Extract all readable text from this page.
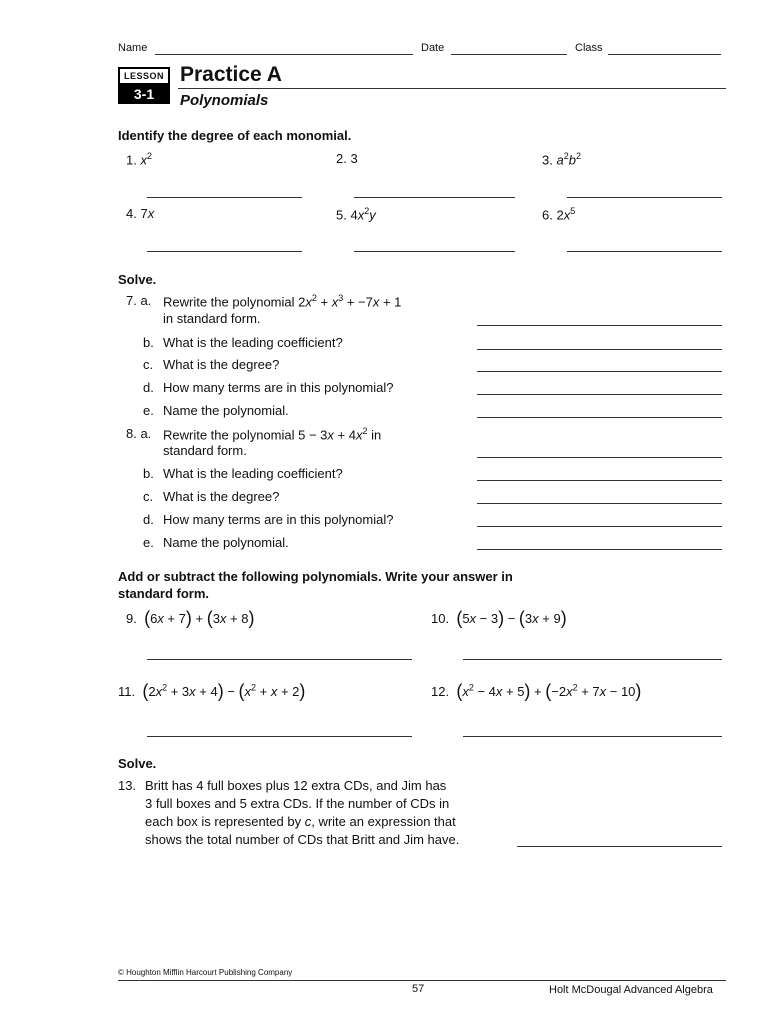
Name	Date	Class
LESSON
3-1
Practice A
Polynomials
Identify the degree of each monomial.
1. $x^2$	2. 3	3. $a^2b^2$
4. 7x	5. $4x^2y$	6. $2x^5$
Solve.
7. a. Rewrite the polynomial $2x^2 + x^3 + -7x + 1$
in standard form.
b. What is the leading coefficient?
c. What is the degree?
d. How many terms are in this polynomial?
e. Name the polynomial.
8. a. Rewrite the polynomial $5 - 3x + 4x^2$ in
standard form.
b. What is the leading coefficient?
c. What is the degree?
d. How many terms are in this polynomial?
e. Name the polynomial.
Add or subtract the following polynomials. Write your answer in
standard form.
9. (6x + 7) + (3x + 8)	10. (5x − 3) − (3x + 9)
11. $(2x^2 + 3x + 4) - (x^2 + x + 2)$	12. $(x^2 - 4x + 5) + (-2x^2 + 7x - 10)$
Solve.
13. Britt has 4 full boxes plus 12 extra CDs, and Jim has
3 full boxes and 5 extra CDs. If the number of CDs in
each box is represented by c, write an expression that
shows the total number of CDs that Britt and Jim have.
© Houghton Mifflin Harcourt Publishing Company
57	Holt McDougal Advanced Algebra
